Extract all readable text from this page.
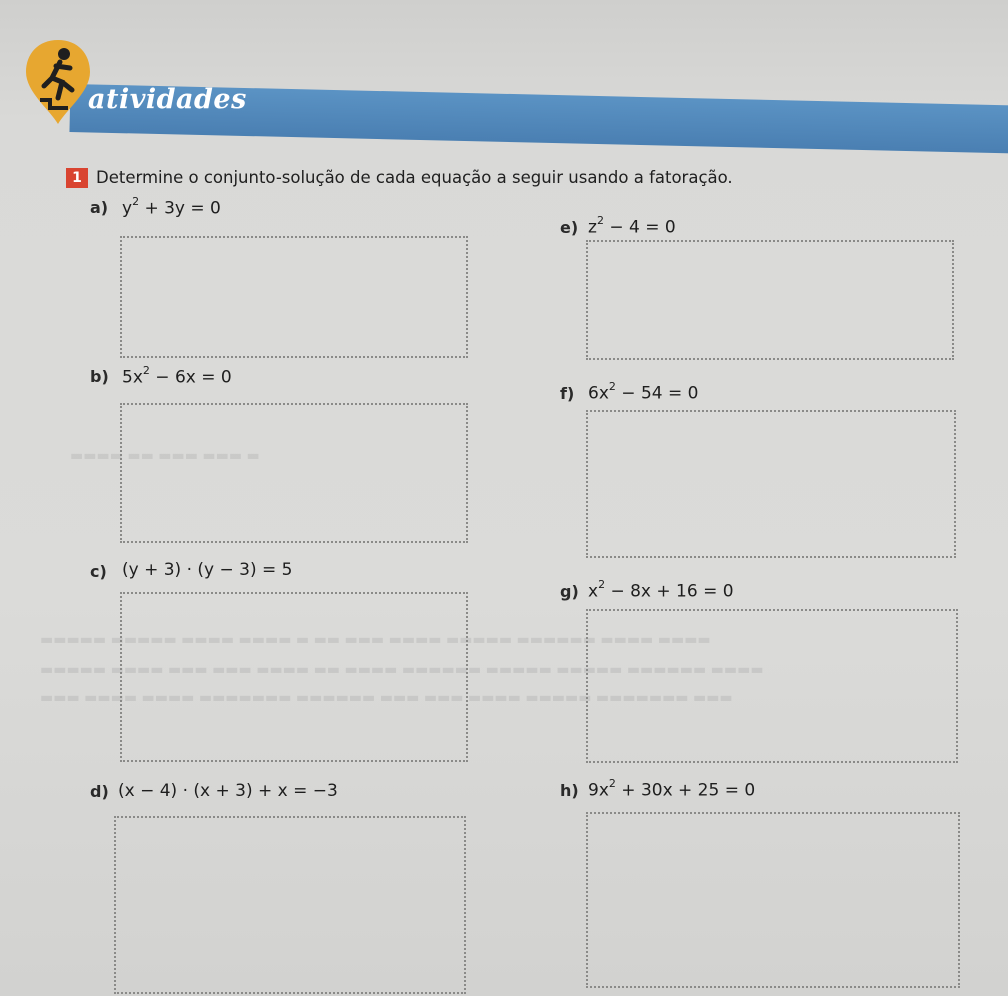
▬▬▬▬ ▬▬ ▬▬▬ ▬▬▬ ▬
▬▬▬▬▬ ▬▬▬▬▬ ▬▬▬▬ ▬▬▬▬ ▬ ▬▬ ▬▬▬ ▬▬▬▬ ▬▬▬▬▬ ▬▬▬▬▬▬ ▬▬▬▬ ▬▬▬▬
▬▬▬▬▬ ▬▬▬▬ ▬▬▬ ▬▬▬ ▬▬▬▬ ▬▬ ▬▬▬▬ ▬▬▬▬▬▬ ▬▬▬▬▬ ▬▬▬▬▬ ▬▬▬▬▬▬ ▬▬▬▬
▬▬▬ ▬▬▬▬ ▬▬▬▬ ▬▬▬▬▬▬▬ ▬▬▬▬▬▬ ▬▬▬ ▬▬▬ ▬▬▬▬ ▬▬▬▬▬ ▬▬▬▬▬▬▬ ▬▬▬
atividades
1 Determine o conjunto-solução de cada equação a seguir usando a fatoração.
a) $y^2 + 3y = 0$
b) $5x^2 - 6x = 0$
c) (y + 3) · (y − 3) = 5
d) (x − 4) · (x + 3) + x = −3
e) $z^2 - 4 = 0$
f) $6x^2 - 54 = 0$
g) $x^2 - 8x + 16 = 0$
h) $9x^2 + 30x + 25 = 0$
